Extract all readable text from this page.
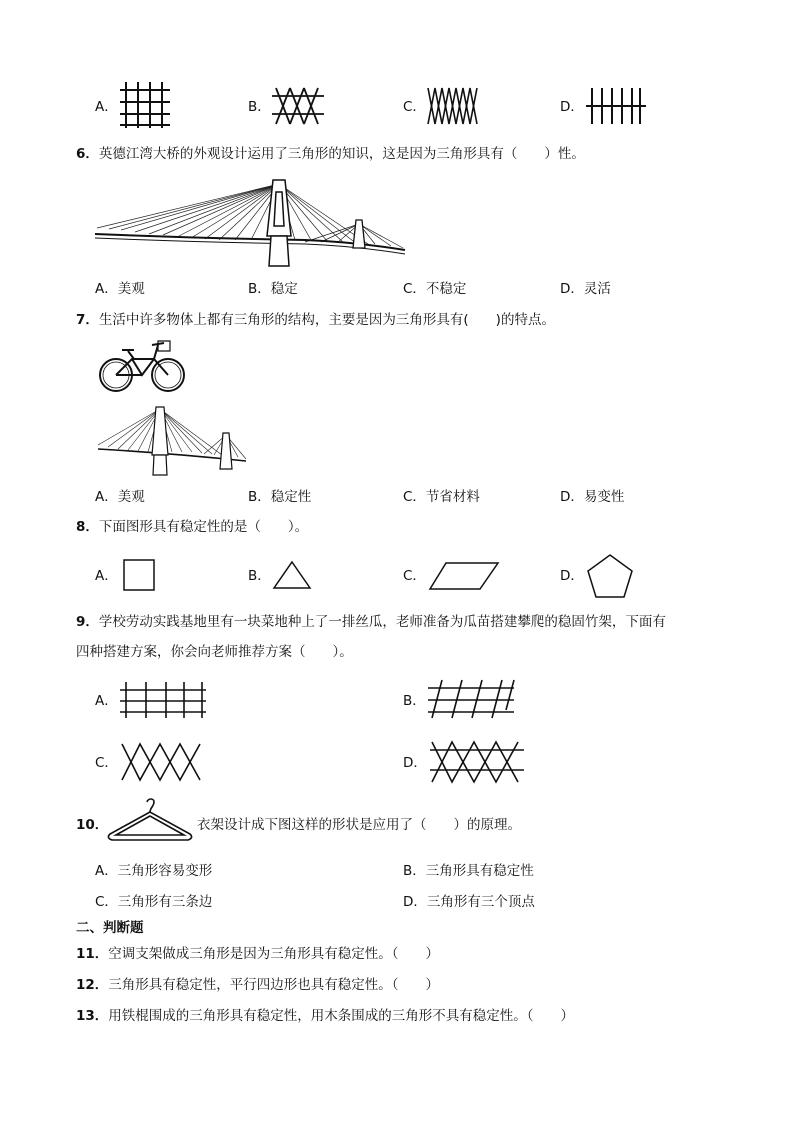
A．	B．	C．	D．
6．英德江湾大桥的外观设计运用了三角形的知识，这是因为三角形具有（　　）性。
A．美观	B．稳定	C．不稳定	D．灵活
7．生活中许多物体上都有三角形的结构，主要是因为三角形具有(　　)的特点。
A．美观	B．稳定性	C．节省材料	D．易变性
8．下面图形具有稳定性的是（　　）。
A．	B．	C．	D．
9．学校劳动实践基地里有一块菜地种上了一排丝瓜，老师准备为瓜苗搭建攀爬的稳固竹架，下面有
四种搭建方案，你会向老师推荐方案（　　）。
A．	B．
C．	D．
10．	衣架设计成下图这样的形状是应用了（　　）的原理。
A．三角形容易变形	B．三角形具有稳定性
C．三角形有三条边	D．三角形有三个顶点
二、判断题
11．空调支架做成三角形是因为三角形具有稳定性。（　　）
12．三角形具有稳定性，平行四边形也具有稳定性。（　　）
13．用铁棍围成的三角形具有稳定性，用木条围成的三角形不具有稳定性。（　　）
